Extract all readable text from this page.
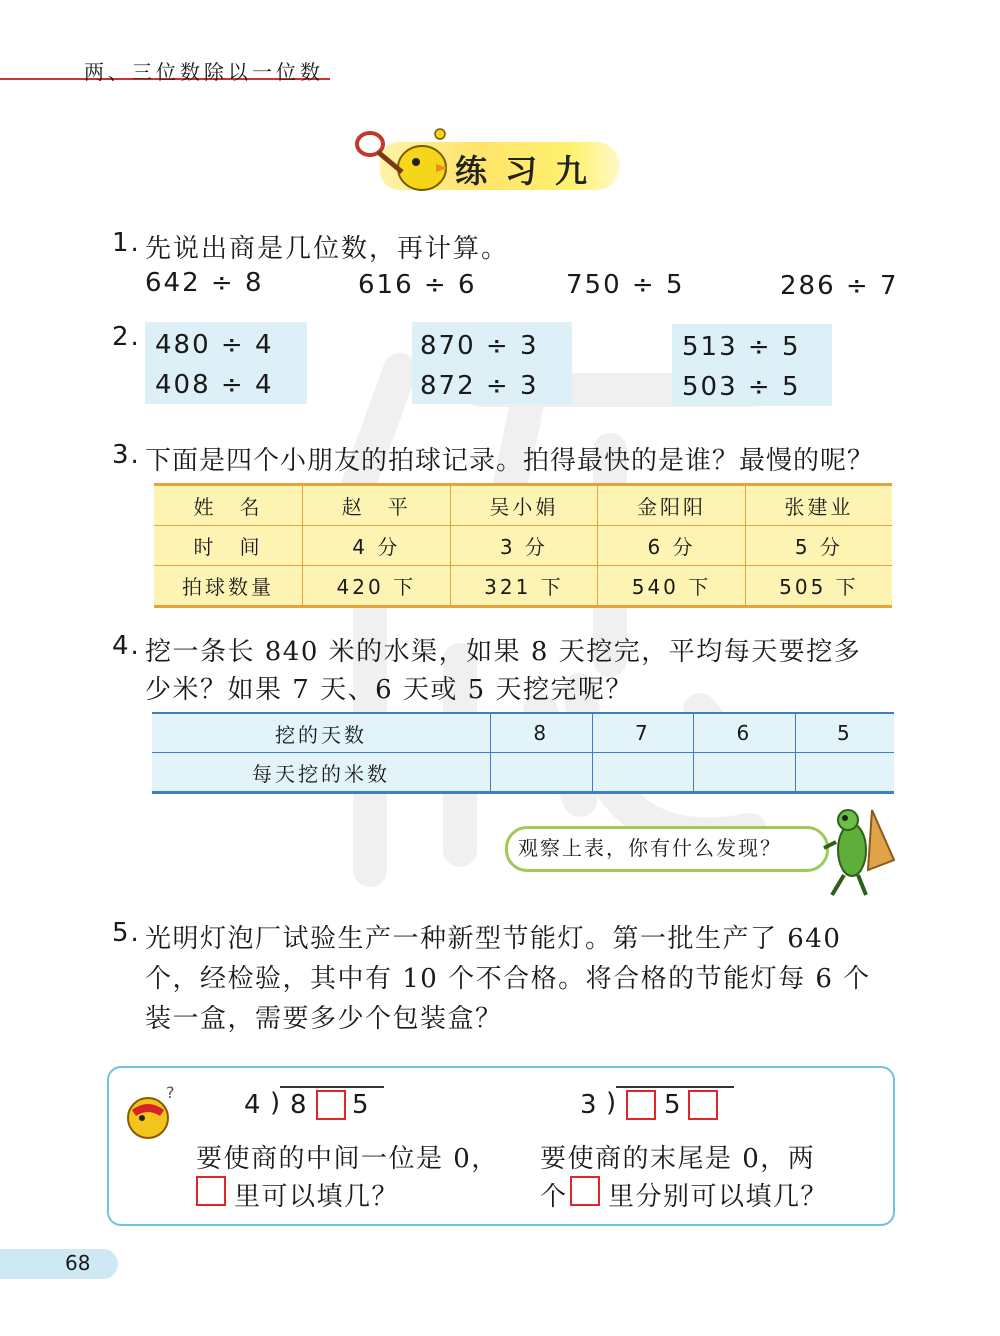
两、三位数除以一位数
练习九
1. 先说出商是几位数，再计算。
642 ÷ 8	616 ÷ 6	750 ÷ 5	286 ÷ 7
2. 480 ÷ 4
408 ÷ 4
870 ÷ 3
872 ÷ 3
513 ÷ 5
503 ÷ 5
3. 下面是四个小朋友的拍球记录。拍得最快的是谁？最慢的呢？
姓　名	赵　平	吴小娟	金阳阳	张建业
时　间	4 分	3 分	6 分	5 分
拍球数量	420 下	321 下	540 下	505 下
4. 挖一条长 840 米的水渠，如果 8 天挖完，平均每天要挖多
少米？如果 7 天、6 天或 5 天挖完呢？
挖的天数	8	7	6	5
每天挖的米数				
观察上表，你有什么发现？
5. 光明灯泡厂试验生产一种新型节能灯。第一批生产了 640
个，经检验，其中有 10 个不合格。将合格的节能灯每 6 个
装一盒，需要多少个包装盒？
?	4 ) 8 5	3 ) 5
要使商的中间一位是 0，
里可以填几？
要使商的末尾是 0，两
个 里分别可以填几？
68
